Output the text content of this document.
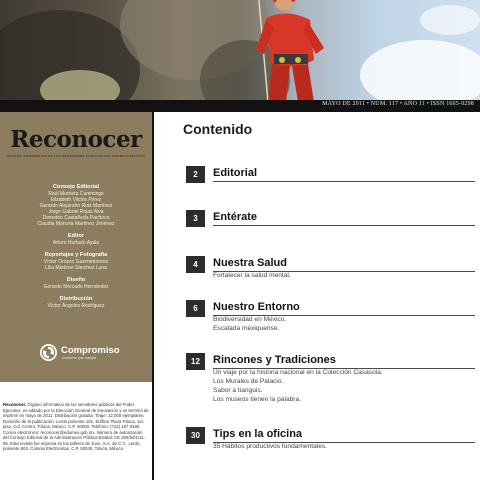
MAYO DE 2011 • NÚM. 117 • AÑO 11 • ISSN 1665-0298
Reconocer
ÓRGANO INFORMATIVO DE LOS SERVIDORES PÚBLICOS DEL PODER EJECUTIVO
Consejo Editorial
Raúl Murrieta Cummings
Elizabeth Vilchis Pérez
Gerardo Alejandro Ruiz Martínez
Jorge Gabriel Rojas Alva
Demetrio Castañeda Pacheco
Claudia Marcela Martínez Jiménez
Editor
Arturo Hurtado Ayala
Reportajes y Fotografía
Víctor Orozco Guerramoreno
Lilia Marlene Sánchez Luna
Diseño
Gerardo Mercado Hernández
Distribución
Víctor Ángeles Rodríguez
Compromiso
Gobierno que cumple
Reconocer. Órgano informativo de los servidores públicos del Poder Ejecutivo, es editado por la Dirección General de Innovación y se terminó de imprimir en mayo de 2011. Distribución gratuita. Tiraje: 12,000 ejemplares. Domicilio de la publicación: Lerdo poniente 101, Edificio Plaza Toluca, 1er. piso, Col. Centro, Toluca, México. C.P. 50000. Teléfono: (722) 167 8180. Correo electrónico: reconocer@edomex.gob.mx. Número de autorización del Consejo Editorial de la Administración Pública Estatal: CE 209/5/01/11-05. Esta revista fue impresa en los talleres de Juno, S.A. de C.V., Lerdo poniente 804, Colonia Electricistas, C.P. 50040, Toluca, México.
Contenido
2	Editorial
3	Entérate
4	Nuestra Salud
Fortalecer la salud mental.
6	Nuestro Entorno
Biodiversidad en México.
Escalada mexiquense.
12	Rincones y Tradiciones
Un viaje por la historia nacional en la Colección Casasola.
Los Murales de Palacio.
Sabor a tianguis.
Los museos tienen la palabra.
30	Tips en la oficina
35 Hábitos productivos fundamentales.
